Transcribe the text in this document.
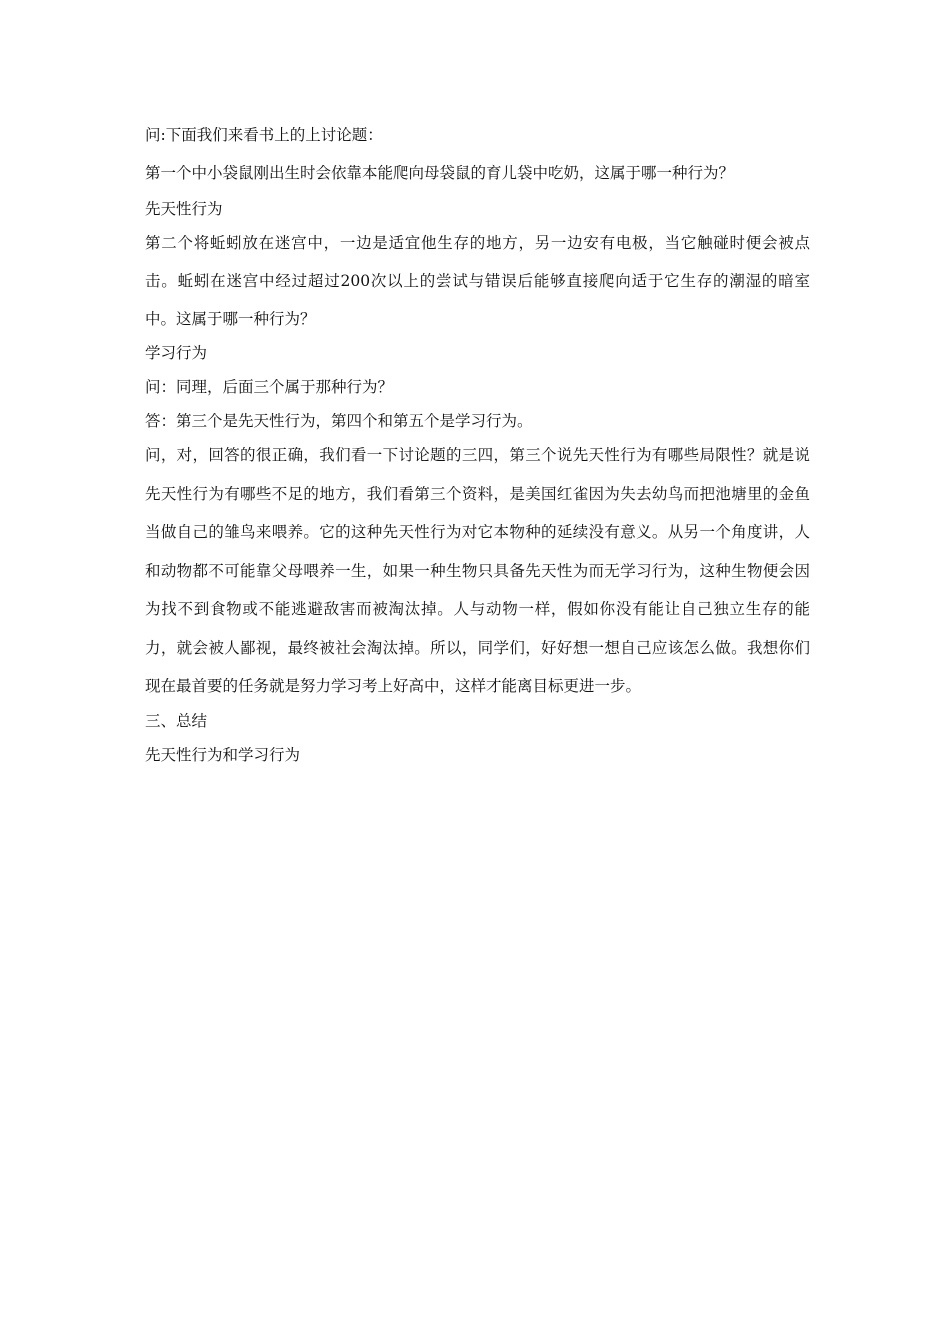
问:下面我们来看书上的上讨论题：

第一个中小袋鼠刚出生时会依靠本能爬向母袋鼠的育儿袋中吃奶，这属于哪一种行为？

先天性行为

第二个将蚯蚓放在迷宫中，一边是适宜他生存的地方，另一边安有电极，当它触碰时便会被点击。蚯蚓在迷宫中经过超过200次以上的尝试与错误后能够直接爬向适于它生存的潮湿的暗室中。这属于哪一种行为？

学习行为

问：同理，后面三个属于那种行为？

答：第三个是先天性行为，第四个和第五个是学习行为。

问，对，回答的很正确，我们看一下讨论题的三四，第三个说先天性行为有哪些局限性？就是说先天性行为有哪些不足的地方，我们看第三个资料，是美国红雀因为失去幼鸟而把池塘里的金鱼当做自己的雏鸟来喂养。它的这种先天性行为对它本物种的延续没有意义。从另一个角度讲，人和动物都不可能靠父母喂养一生，如果一种生物只具备先天性为而无学习行为，这种生物便会因为找不到食物或不能逃避敌害而被淘汰掉。人与动物一样，假如你没有能让自己独立生存的能力，就会被人鄙视，最终被社会淘汰掉。所以，同学们，好好想一想自己应该怎么做。我想你们现在最首要的任务就是努力学习考上好高中，这样才能离目标更进一步。

三、总结

先天性行为和学习行为
